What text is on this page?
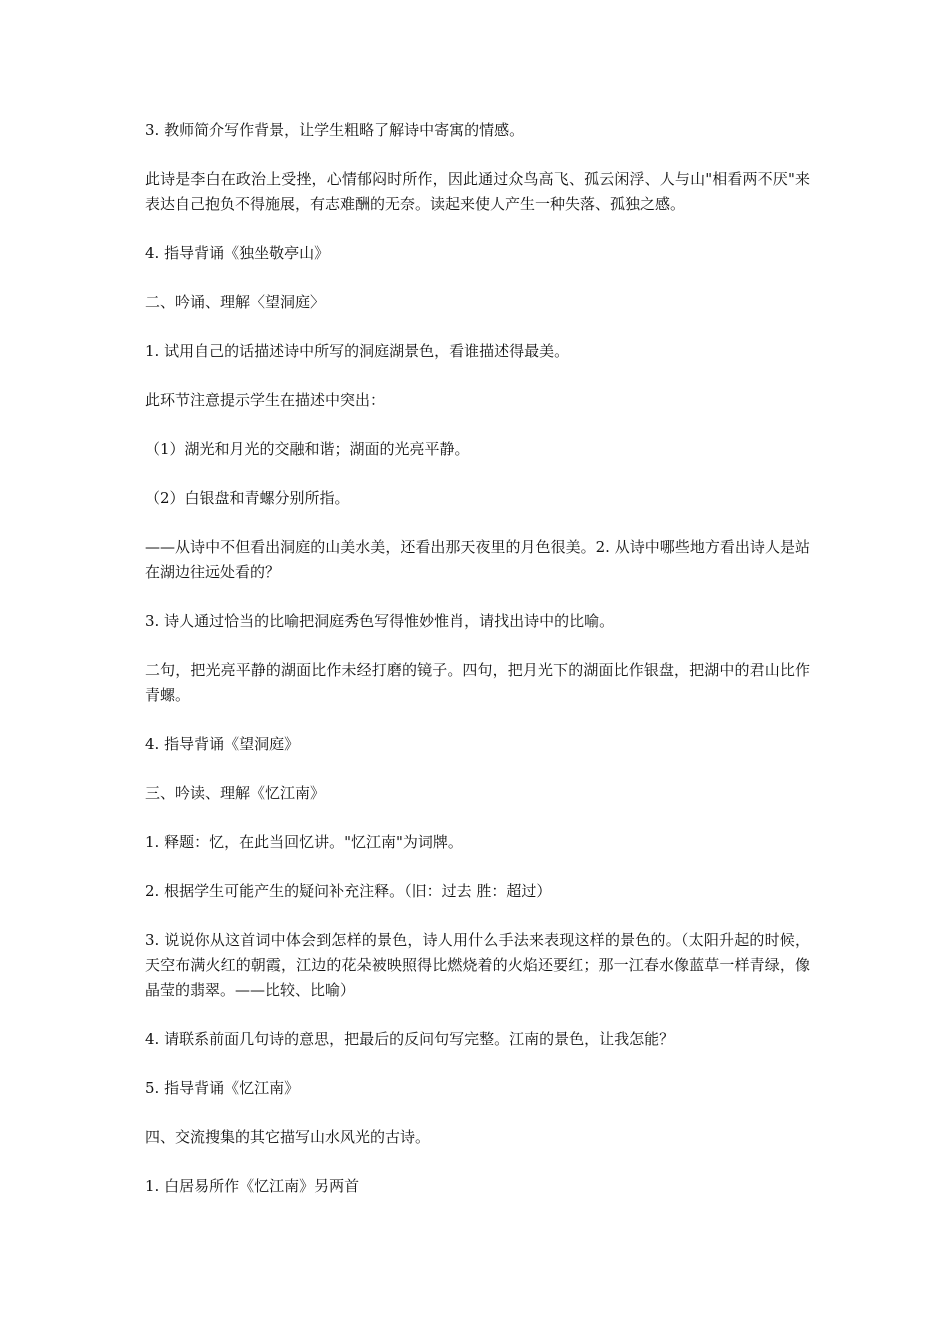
3. 教师简介写作背景，让学生粗略了解诗中寄寓的情感。

此诗是李白在政治上受挫，心情郁闷时所作，因此通过众鸟高飞、孤云闲浮、人与山"相看两不厌"来表达自己抱负不得施展，有志难酬的无奈。读起来使人产生一种失落、孤独之感。

4. 指导背诵《独坐敬亭山》

二、吟诵、理解〈望洞庭〉

1. 试用自己的话描述诗中所写的洞庭湖景色，看谁描述得最美。

此环节注意提示学生在描述中突出：

（1）湖光和月光的交融和谐；湖面的光亮平静。

（2）白银盘和青螺分别所指。

——从诗中不但看出洞庭的山美水美，还看出那天夜里的月色很美。2. 从诗中哪些地方看出诗人是站在湖边往远处看的？

3. 诗人通过恰当的比喻把洞庭秀色写得惟妙惟肖，请找出诗中的比喻。

二句，把光亮平静的湖面比作未经打磨的镜子。四句，把月光下的湖面比作银盘，把湖中的君山比作青螺。

4. 指导背诵《望洞庭》

三、吟读、理解《忆江南》

1. 释题：忆，在此当回忆讲。"忆江南"为词牌。

2. 根据学生可能产生的疑问补充注释。（旧：过去 胜：超过）

3. 说说你从这首词中体会到怎样的景色，诗人用什么手法来表现这样的景色的。（太阳升起的时候，天空布满火红的朝霞，江边的花朵被映照得比燃烧着的火焰还要红；那一江春水像蓝草一样青绿，像晶莹的翡翠。——比较、比喻）

4. 请联系前面几句诗的意思，把最后的反问句写完整。江南的景色，让我怎能？

5. 指导背诵《忆江南》

四、交流搜集的其它描写山水风光的古诗。

1. 白居易所作《忆江南》另两首
